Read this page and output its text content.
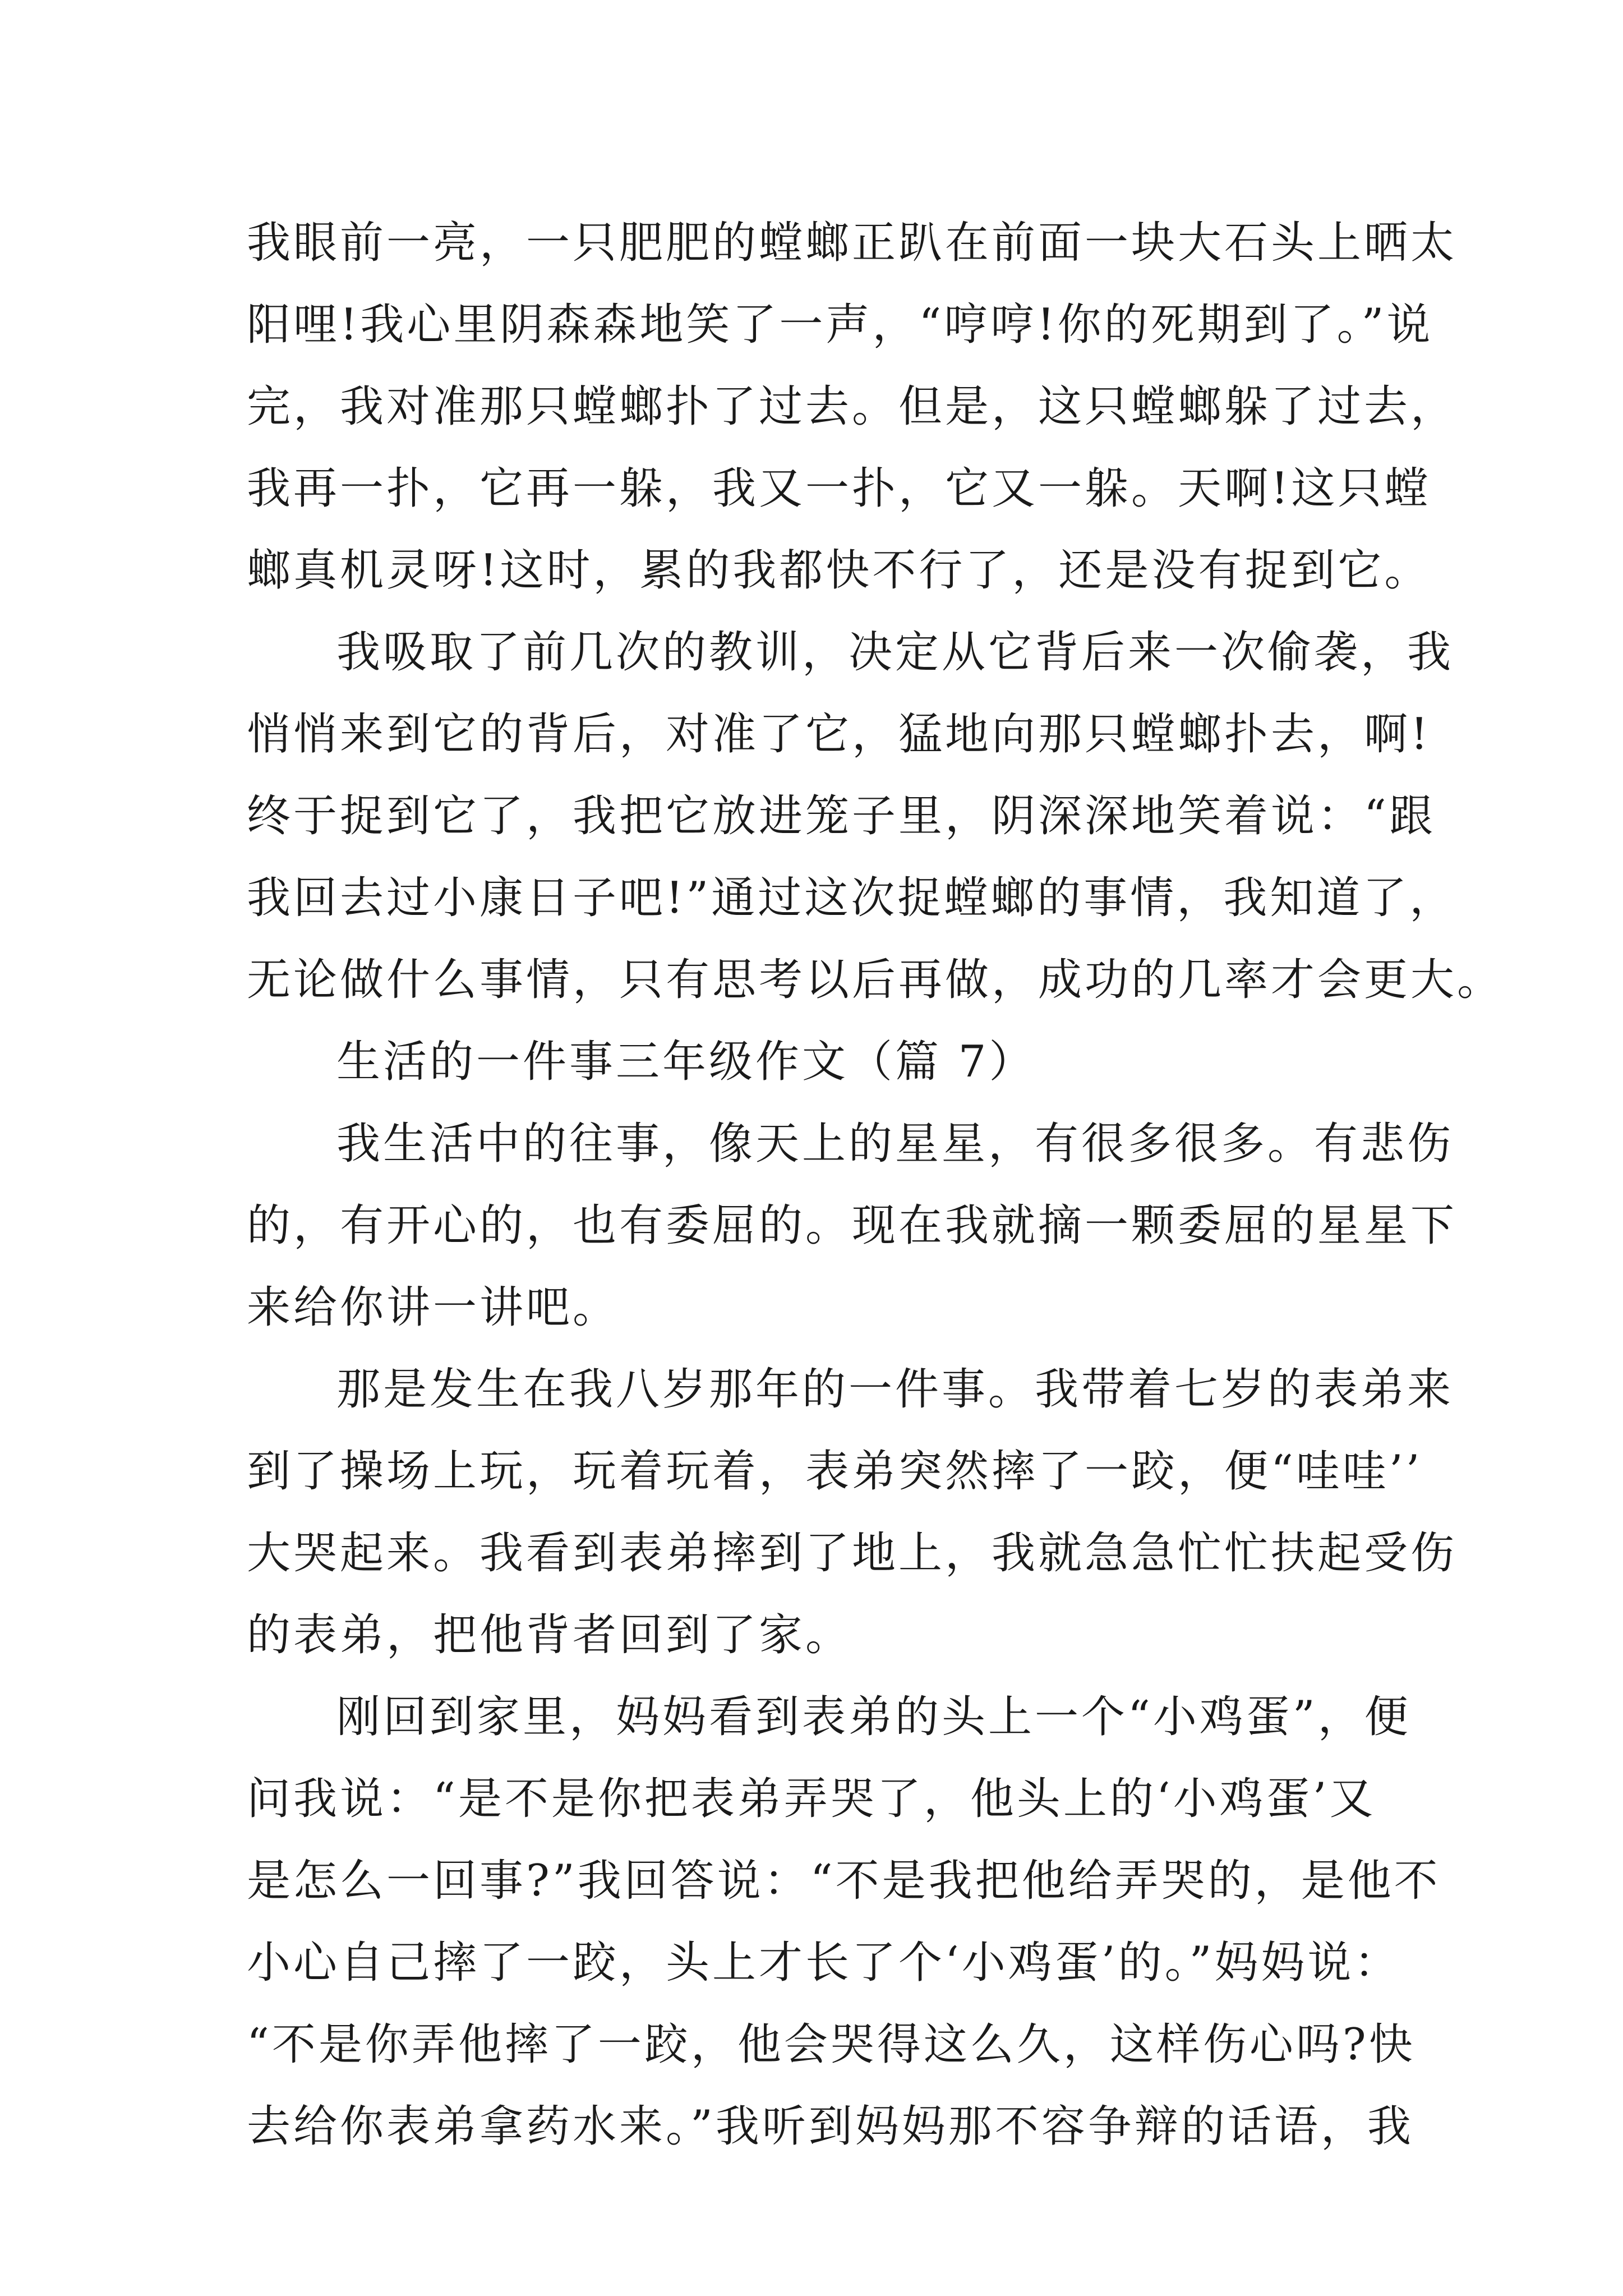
我眼前一亮，一只肥肥的螳螂正趴在前面一块大石头上晒太
阳哩!我心里阴森森地笑了一声，“哼哼!你的死期到了。”说
完，我对准那只螳螂扑了过去。但是，这只螳螂躲了过去，
我再一扑，它再一躲，我又一扑，它又一躲。天啊!这只螳
螂真机灵呀!这时，累的我都快不行了，还是没有捉到它。
我吸取了前几次的教训，决定从它背后来一次偷袭，我
悄悄来到它的背后，对准了它，猛地向那只螳螂扑去，啊!
终于捉到它了，我把它放进笼子里，阴深深地笑着说：“跟
我回去过小康日子吧!”通过这次捉螳螂的事情，我知道了，
无论做什么事情，只有思考以后再做，成功的几率才会更大。
生活的一件事三年级作文（篇 7）
我生活中的往事，像天上的星星，有很多很多。有悲伤
的，有开心的，也有委屈的。现在我就摘一颗委屈的星星下
来给你讲一讲吧。
那是发生在我八岁那年的一件事。我带着七岁的表弟来
到了操场上玩，玩着玩着，表弟突然摔了一跤，便“哇哇’’
大哭起来。我看到表弟摔到了地上，我就急急忙忙扶起受伤
的表弟，把他背者回到了家。
刚回到家里，妈妈看到表弟的头上一个“小鸡蛋”，便
问我说：“是不是你把表弟弄哭了，他头上的‘小鸡蛋’又
是怎么一回事?”我回答说：“不是我把他给弄哭的，是他不
小心自己摔了一跤，头上才长了个‘小鸡蛋’的。”妈妈说：
“不是你弄他摔了一跤，他会哭得这么久，这样伤心吗?快
去给你表弟拿药水来。”我听到妈妈那不容争辩的话语，我
